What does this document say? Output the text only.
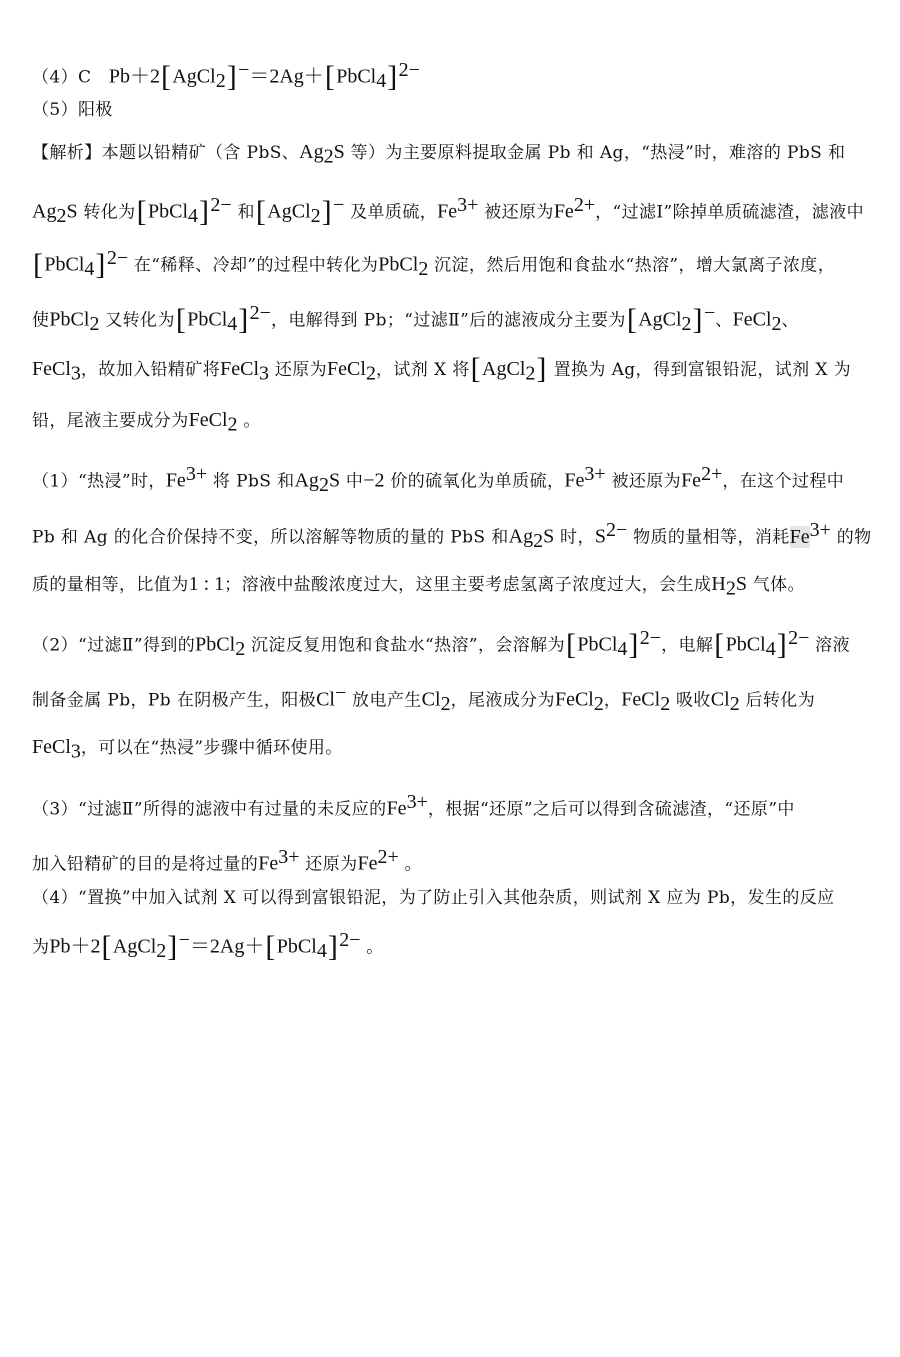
（4）C　Pb＋2[AgCl$_2$]−＝2Ag＋[PbCl$_4$]$^{2-}$
（5）阳极
【解析】本题以铅精矿（含 PbS、$Ag_2S$ 等）为主要原料提取金属 Pb 和 Ag，“热浸”时，难溶的 PbS 和
$Ag_2S$ 转化为[PbCl$_4$]$^{2-}$ 和[AgCl$_2$]− 及单质硫，$Fe^{3+}$ 被还原为$Fe^{2+}$，“过滤Ⅰ”除掉单质硫滤渣，滤液中
[PbCl$_4$]$^{2-}$ 在“稀释、冷却”的过程中转化为PbCl$_2$ 沉淀，然后用饱和食盐水“热溶”，增大氯离子浓度，
使PbCl$_2$ 又转化为[PbCl$_4$]$^{2-}$，电解得到 Pb；“过滤Ⅱ”后的滤液成分主要为[AgCl$_2$]−、FeCl$_2$、
FeCl$_3$，故加入铅精矿将FeCl$_3$ 还原为FeCl$_2$，试剂 X 将[AgCl$_2$] 置换为 Ag，得到富银铅泥，试剂 X 为
铅，尾液主要成分为FeCl$_2$ 。
（1）“热浸”时，$Fe^{3+}$ 将 PbS 和$Ag_2S$ 中−2 价的硫氧化为单质硫，$Fe^{3+}$ 被还原为$Fe^{2+}$，在这个过程中
Pb 和 Ag 的化合价保持不变，所以溶解等物质的量的 PbS 和$Ag_2S$ 时，$S^{2-}$ 物质的量相等，消耗$Fe^{3+}$ 的物
质的量相等，比值为1 : 1；溶液中盐酸浓度过大，这里主要考虑氢离子浓度过大，会生成$H_2S$ 气体。
（2）“过滤Ⅱ”得到的PbCl$_2$ 沉淀反复用饱和食盐水“热溶”，会溶解为[PbCl$_4$]$^{2-}$，电解[PbCl$_4$]$^{2-}$ 溶液
制备金属 Pb，Pb 在阴极产生，阳极Cl− 放电产生$Cl_2$，尾液成分为FeCl$_2$，FeCl$_2$ 吸收$Cl_2$ 后转化为
FeCl$_3$，可以在“热浸”步骤中循环使用。
（3）“过滤Ⅱ”所得的滤液中有过量的未反应的$Fe^{3+}$，根据“还原”之后可以得到含硫滤渣，“还原”中
加入铅精矿的目的是将过量的$Fe^{3+}$ 还原为$Fe^{2+}$ 。
（4）“置换”中加入试剂 X 可以得到富银铅泥，为了防止引入其他杂质，则试剂 X 应为 Pb，发生的反应
为Pb＋2[AgCl$_2$]−＝2Ag＋[PbCl$_4$]$^{2-}$ 。
